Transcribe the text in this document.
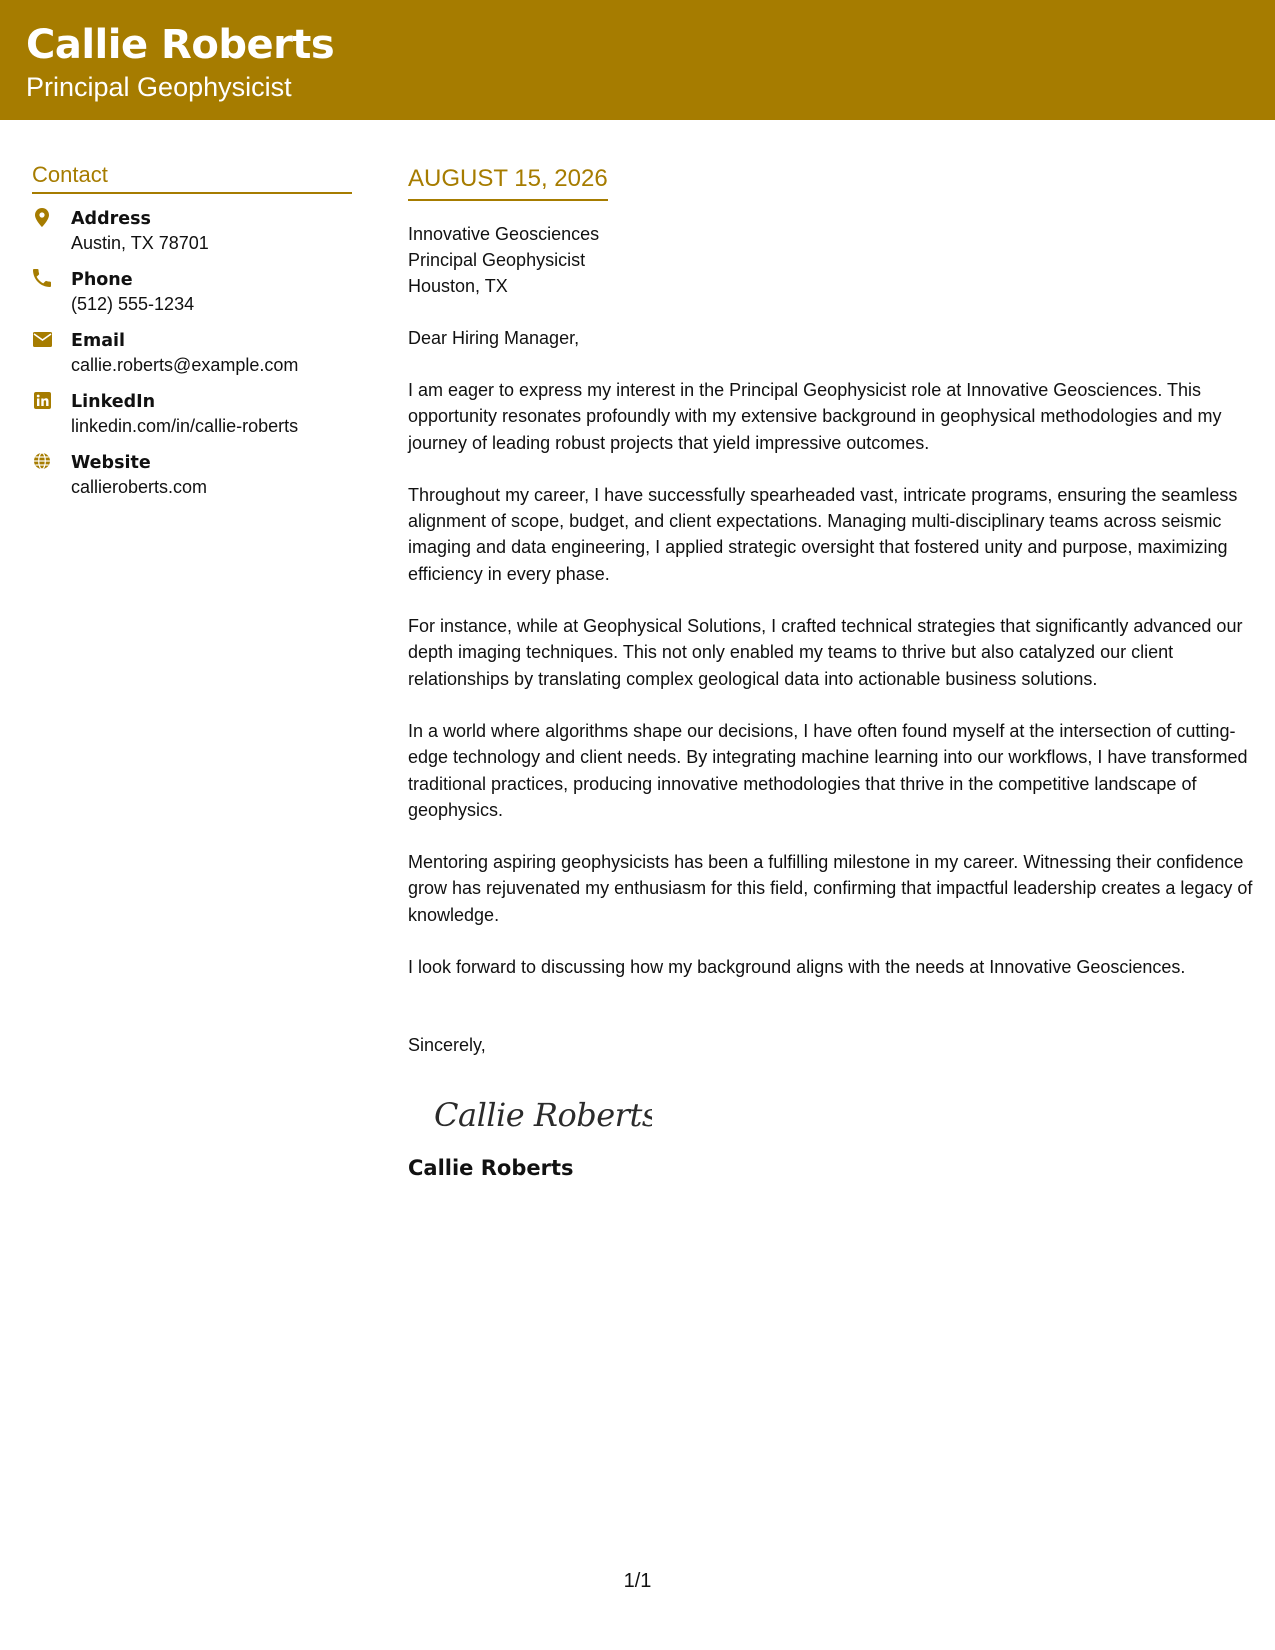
Callie Roberts
Principal Geophysicist
Contact
Address
Austin, TX 78701
Phone
(512) 555-1234
Email
callie.roberts@example.com
LinkedIn
linkedin.com/in/callie-roberts
Website
callieroberts.com
AUGUST 15, 2026
Innovative Geosciences
Principal Geophysicist
Houston, TX
Dear Hiring Manager,
I am eager to express my interest in the Principal Geophysicist role at Innovative Geosciences. This opportunity resonates profoundly with my extensive background in geophysical methodologies and my journey of leading robust projects that yield impressive outcomes.
Throughout my career, I have successfully spearheaded vast, intricate programs, ensuring the seamless alignment of scope, budget, and client expectations. Managing multi-disciplinary teams across seismic imaging and data engineering, I applied strategic oversight that fostered unity and purpose, maximizing efficiency in every phase.
For instance, while at Geophysical Solutions, I crafted technical strategies that significantly advanced our depth imaging techniques. This not only enabled my teams to thrive but also catalyzed our client relationships by translating complex geological data into actionable business solutions.
In a world where algorithms shape our decisions, I have often found myself at the intersection of cutting-edge technology and client needs. By integrating machine learning into our workflows, I have transformed traditional practices, producing innovative methodologies that thrive in the competitive landscape of geophysics.
Mentoring aspiring geophysicists has been a fulfilling milestone in my career. Witnessing their confidence grow has rejuvenated my enthusiasm for this field, confirming that impactful leadership creates a legacy of knowledge.
I look forward to discussing how my background aligns with the needs at Innovative Geosciences.
Sincerely,
Callie Roberts
Callie Roberts
1/1
